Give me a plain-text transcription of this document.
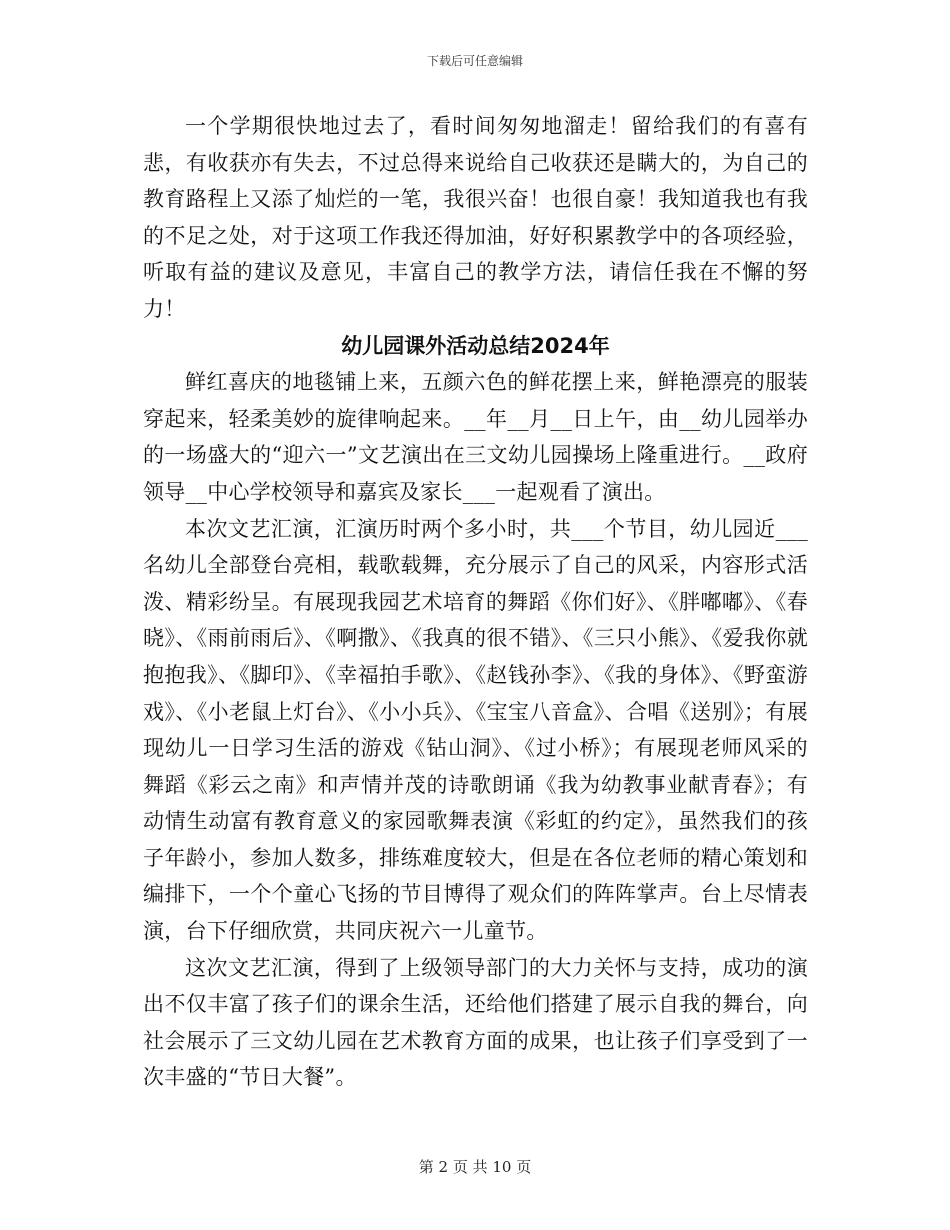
下载后可任意编辑

一个学期很快地过去了，看时间匆匆地溜走！留给我们的有喜有悲，有收获亦有失去，不过总得来说给自己收获还是瞒大的，为自己的教育路程上又添了灿烂的一笔，我很兴奋！也很自豪！我知道我也有我的不足之处，对于这项工作我还得加油，好好积累教学中的各项经验，听取有益的建议及意见，丰富自己的教学方法，请信任我在不懈的努力！

幼儿园课外活动总结2024年

鲜红喜庆的地毯铺上来，五颜六色的鲜花摆上来，鲜艳漂亮的服装穿起来，轻柔美妙的旋律响起来。__年__月__日上午，由__幼儿园举办的一场盛大的“迎六一”文艺演出在三文幼儿园操场上隆重进行。__政府领导__中心学校领导和嘉宾及家长___一起观看了演出。

本次文艺汇演，汇演历时两个多小时，共___个节目，幼儿园近___名幼儿全部登台亮相，载歌载舞，充分展示了自己的风采，内容形式活泼、精彩纷呈。有展现我园艺术培育的舞蹈《你们好》、《胖嘟嘟》、《春晓》、《雨前雨后》、《啊撒》、《我真的很不错》、《三只小熊》、《爱我你就抱抱我》、《脚印》、《幸福拍手歌》、《赵钱孙李》、《我的身体》、《野蛮游戏》、《小老鼠上灯台》、《小小兵》、《宝宝八音盒》、合唱《送别》；有展现幼儿一日学习生活的游戏《钻山洞》、《过小桥》；有展现老师风采的舞蹈《彩云之南》和声情并茂的诗歌朗诵《我为幼教事业献青春》；有动情生动富有教育意义的家园歌舞表演《彩虹的约定》，虽然我们的孩子年龄小，参加人数多，排练难度较大，但是在各位老师的精心策划和编排下，一个个童心飞扬的节目博得了观众们的阵阵掌声。台上尽情表演，台下仔细欣赏，共同庆祝六一儿童节。

这次文艺汇演，得到了上级领导部门的大力关怀与支持，成功的演出不仅丰富了孩子们的课余生活，还给他们搭建了展示自我的舞台，向社会展示了三文幼儿园在艺术教育方面的成果，也让孩子们享受到了一次丰盛的“节日大餐”。

第 2 页 共 10 页
